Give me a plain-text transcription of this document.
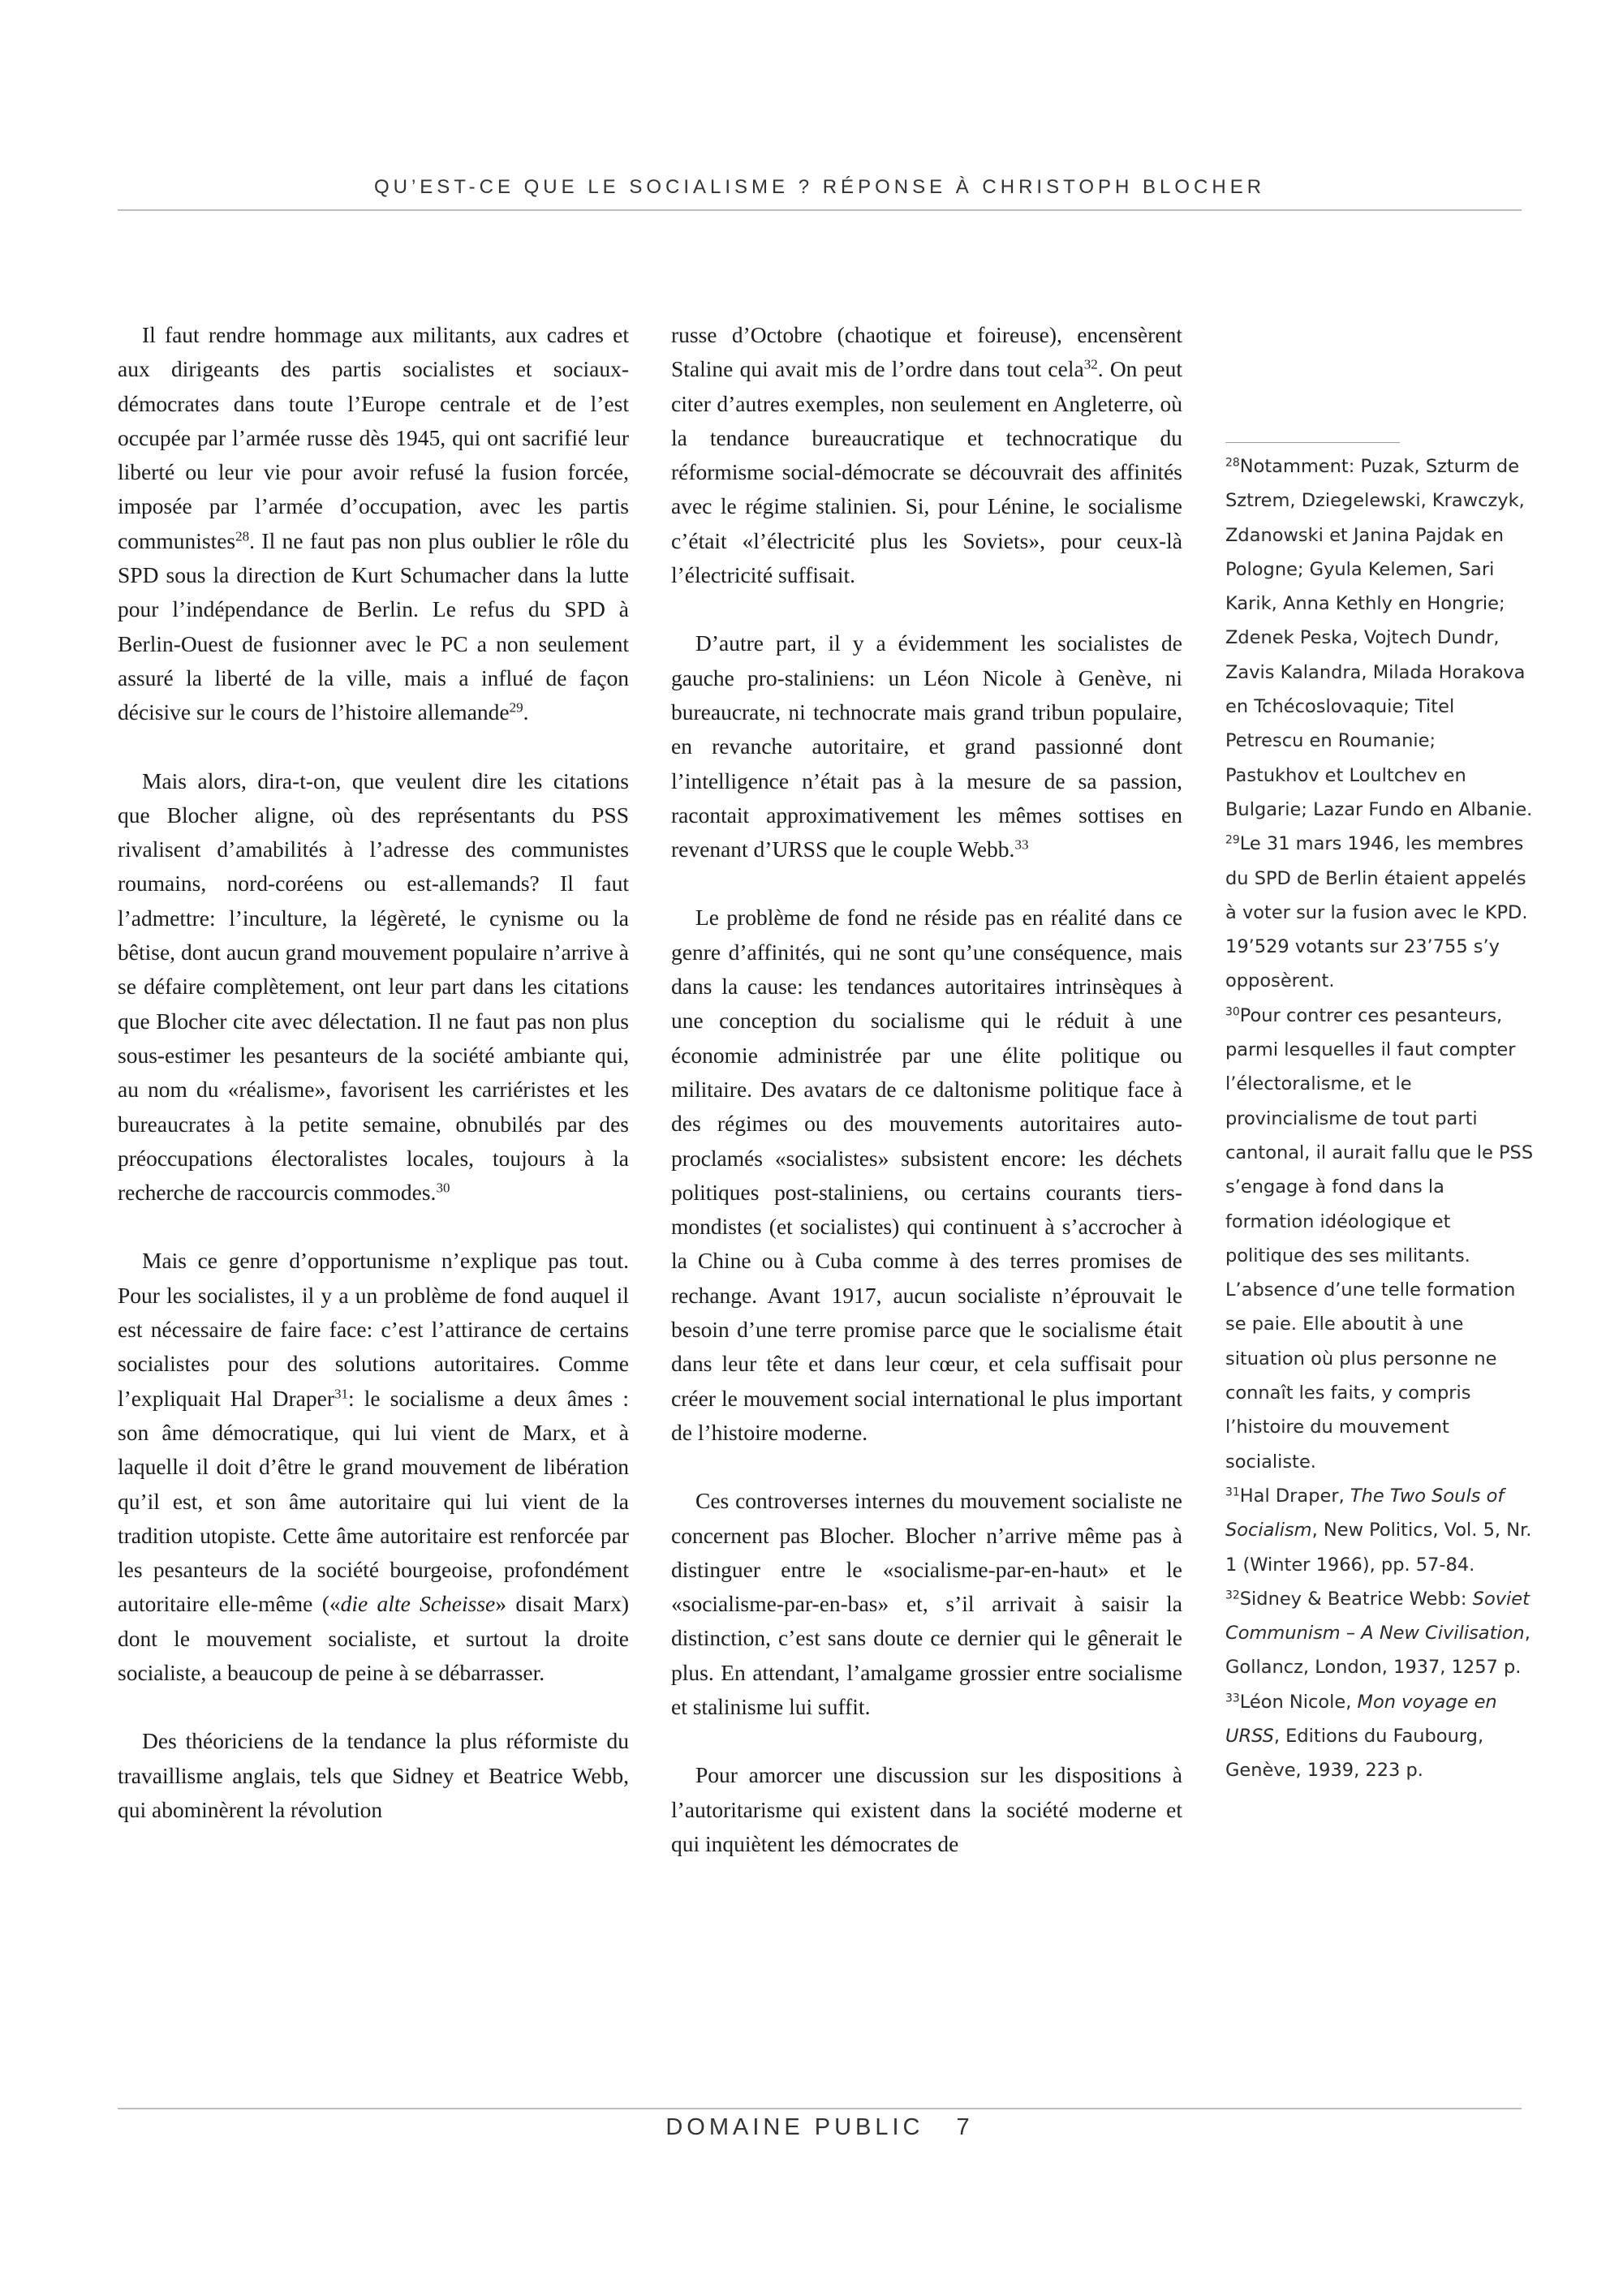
QU’EST-CE QUE LE SOCIALISME ? RÉPONSE À CHRISTOPH BLOCHER

Il faut rendre hommage aux militants, aux cadres et aux dirigeants des partis socialistes et sociaux-démocrates dans toute l’Europe centrale et de l’est occupée par l’armée russe dès 1945, qui ont sacrifié leur liberté ou leur vie pour avoir refusé la fusion forcée, imposée par l’armée d’occupation, avec les partis communistes$^{28}$. Il ne faut pas non plus oublier le rôle du SPD sous la direction de Kurt Schumacher dans la lutte pour l’indépendance de Berlin. Le refus du SPD à Berlin-Ouest de fusionner avec le PC a non seulement assuré la liberté de la ville, mais a influé de façon décisive sur le cours de l’histoire allemande$^{29}$.

Mais alors, dira-t-on, que veulent dire les citations que Blocher aligne, où des représentants du PSS rivalisent d’amabilités à l’adresse des communistes roumains, nord-coréens ou est-allemands? Il faut l’admettre: l’inculture, la légèreté, le cynisme ou la bêtise, dont aucun grand mouvement populaire n’arrive à se défaire complètement, ont leur part dans les citations que Blocher cite avec délectation. Il ne faut pas non plus sous-estimer les pesanteurs de la société ambiante qui, au nom du «réalisme», favorisent les carriéristes et les bureaucrates à la petite semaine, obnubilés par des préoccupations électoralistes locales, toujours à la recherche de raccourcis commodes.$^{30}$

Mais ce genre d’opportunisme n’explique pas tout. Pour les socialistes, il y a un problème de fond auquel il est nécessaire de faire face: c’est l’attirance de certains socialistes pour des solutions autoritaires. Comme l’expliquait Hal Draper$^{31}$: le socialisme a deux âmes : son âme démocratique, qui lui vient de Marx, et à laquelle il doit d’être le grand mouvement de libération qu’il est, et son âme autoritaire qui lui vient de la tradition utopiste. Cette âme autoritaire est renforcée par les pesanteurs de la société bourgeoise, profondément autoritaire elle-même («die alte Scheisse» disait Marx) dont le mouvement socialiste, et surtout la droite socialiste, a beaucoup de peine à se débarrasser.

Des théoriciens de la tendance la plus réformiste du travaillisme anglais, tels que Sidney et Beatrice Webb, qui abominèrent la révolution

russe d’Octobre (chaotique et foireuse), encensèrent Staline qui avait mis de l’ordre dans tout cela$^{32}$. On peut citer d’autres exemples, non seulement en Angleterre, où la tendance bureaucratique et technocratique du réformisme social-démocrate se découvrait des affinités avec le régime stalinien. Si, pour Lénine, le socialisme c’était «l’électricité plus les Soviets», pour ceux-là l’électricité suffisait.

D’autre part, il y a évidemment les socialistes de gauche pro-staliniens: un Léon Nicole à Genève, ni bureaucrate, ni technocrate mais grand tribun populaire, en revanche autoritaire, et grand passionné dont l’intelligence n’était pas à la mesure de sa passion, racontait approximativement les mêmes sottises en revenant d’URSS que le couple Webb.$^{33}$

Le problème de fond ne réside pas en réalité dans ce genre d’affinités, qui ne sont qu’une conséquence, mais dans la cause: les tendances autoritaires intrinsèques à une conception du socialisme qui le réduit à une économie administrée par une élite politique ou militaire. Des avatars de ce daltonisme politique face à des régimes ou des mouvements autoritaires auto-proclamés «socialistes» subsistent encore: les déchets politiques post-staliniens, ou certains courants tiers-mondistes (et socialistes) qui continuent à s’accrocher à la Chine ou à Cuba comme à des terres promises de rechange. Avant 1917, aucun socialiste n’éprouvait le besoin d’une terre promise parce que le socialisme était dans leur tête et dans leur cœur, et cela suffisait pour créer le mouvement social international le plus important de l’histoire moderne.

Ces controverses internes du mouvement socialiste ne concernent pas Blocher. Blocher n’arrive même pas à distinguer entre le «socialisme-par-en-haut» et le «socialisme-par-en-bas» et, s’il arrivait à saisir la distinction, c’est sans doute ce dernier qui le gênerait le plus. En attendant, l’amalgame grossier entre socialisme et stalinisme lui suffit.

Pour amorcer une discussion sur les dispositions à l’autoritarisme qui existent dans la société moderne et qui inquiètent les démocrates de

$^{28}$Notamment: Puzak, Szturm de Sztrem, Dziegelewski, Krawczyk, Zdanowski et Janina Pajdak en Pologne; Gyula Kelemen, Sari Karik, Anna Kethly en Hongrie; Zdenek Peska, Vojtech Dundr, Zavis Kalandra, Milada Horakova en Tchécoslovaquie; Titel Petrescu en Roumanie; Pastukhov et Loultchev en Bulgarie; Lazar Fundo en Albanie.

$^{29}$Le 31 mars 1946, les membres du SPD de Berlin étaient appelés à voter sur la fusion avec le KPD. 19’529 votants sur 23’755 s’y opposèrent.

$^{30}$Pour contrer ces pesanteurs, parmi lesquelles il faut compter l’électoralisme, et le provincialisme de tout parti cantonal, il aurait fallu que le PSS s’engage à fond dans la formation idéologique et politique des ses militants. L’absence d’une telle formation se paie. Elle aboutit à une situation où plus personne ne connaît les faits, y compris l’histoire du mouvement socialiste.

$^{31}$Hal Draper, The Two Souls of Socialism, New Politics, Vol. 5, Nr. 1 (Winter 1966), pp. 57-84.

$^{32}$Sidney & Beatrice Webb: Soviet Communism – A New Civilisation, Gollancz, London, 1937, 1257 p.

$^{33}$Léon Nicole, Mon voyage en URSS, Editions du Faubourg, Genève, 1939, 223 p.

DOMAINE PUBLIC 7
